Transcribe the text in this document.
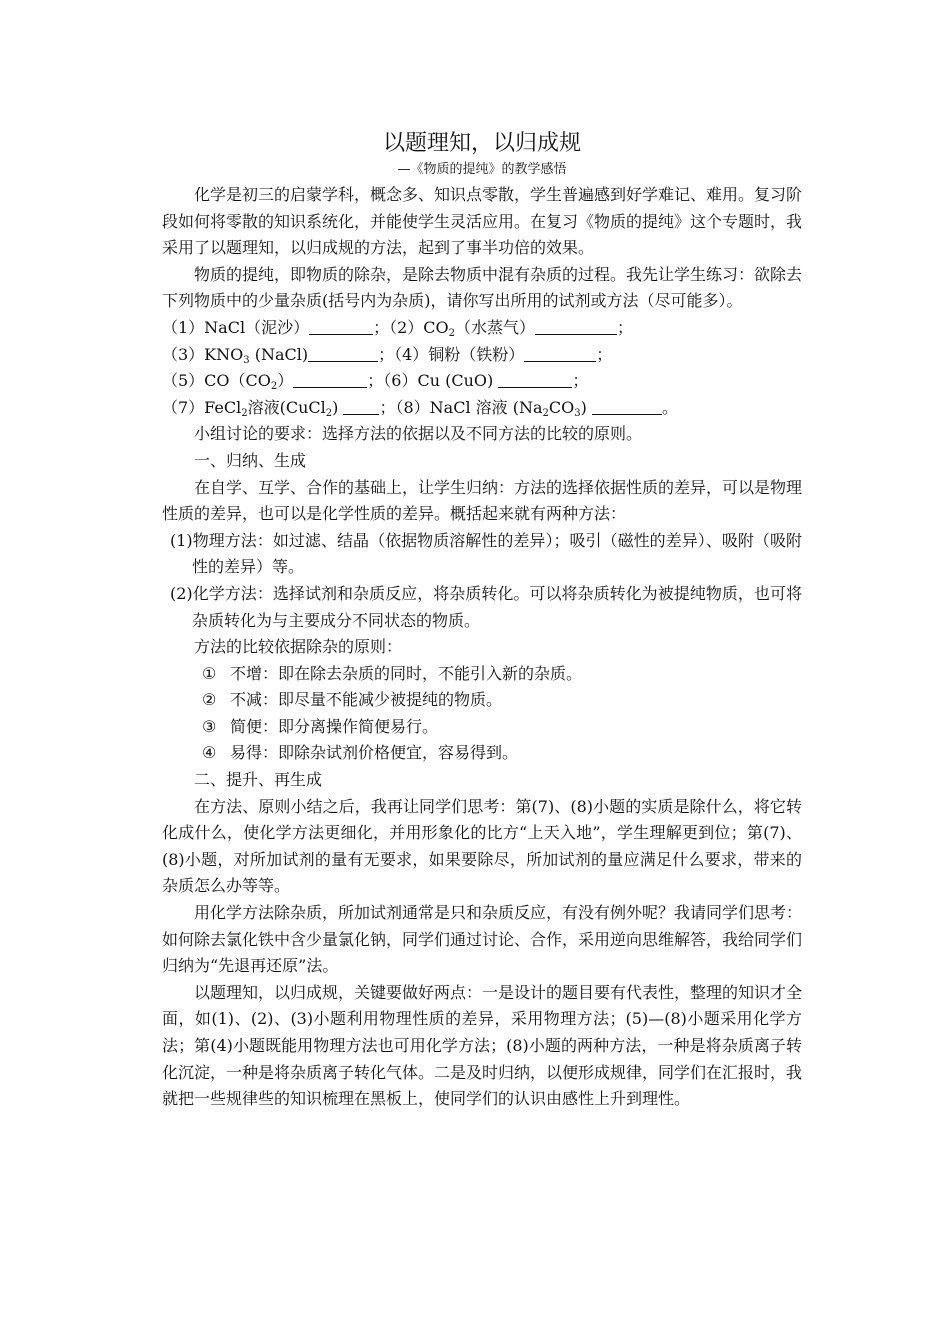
以题理知，以归成规

—《物质的提纯》的教学感悟

化学是初三的启蒙学科，概念多、知识点零散，学生普遍感到好学难记、难用。复习阶段如何将零散的知识系统化，并能使学生灵活应用。在复习《物质的提纯》这个专题时，我采用了以题理知，以归成规的方法，起到了事半功倍的效果。

物质的提纯，即物质的除杂，是除去物质中混有杂质的过程。我先让学生练习：欲除去下列物质中的少量杂质(括号内为杂质)，请你写出所用的试剂或方法（尽可能多）。

（1）NaCl（泥沙）	；$(2)CO_2$（水蒸气）	；

$(3)KNO_3$ (NaCl)	；（4）铜粉（铁粉）	；

$(5)CO(CO_2)$	；（6）Cu (CuO)	；

（7）FeCl$_2$溶液(CuCl$_2$) ；（8）NaCl 溶液 $(Na_2CO_3)$	。

小组讨论的要求：选择方法的依据以及不同方法的比较的原则。

一、归纳、生成

在自学、互学、合作的基础上，让学生归纳：方法的选择依据性质的差异，可以是物理性质的差异，也可以是化学性质的差异。概括起来就有两种方法：

(1)物理方法：如过滤、结晶（依据物质溶解性的差异）；吸引（磁性的差异）、吸附（吸附性的差异）等。

(2)化学方法：选择试剂和杂质反应，将杂质转化。可以将杂质转化为被提纯物质，也可将杂质转化为与主要成分不同状态的物质。

方法的比较依据除杂的原则：

① 不增：即在除去杂质的同时，不能引入新的杂质。

② 不减：即尽量不能减少被提纯的物质。

③ 简便：即分离操作简便易行。

④ 易得：即除杂试剂价格便宜，容易得到。

二、提升、再生成

在方法、原则小结之后，我再让同学们思考：第(7)、(8)小题的实质是除什么，将它转化成什么，使化学方法更细化，并用形象化的比方“上天入地”，学生理解更到位；第(7)、(8)小题，对所加试剂的量有无要求，如果要除尽，所加试剂的量应满足什么要求，带来的杂质怎么办等等。

用化学方法除杂质，所加试剂通常是只和杂质反应，有没有例外呢？我请同学们思考：如何除去氯化铁中含少量氯化钠，同学们通过讨论、合作，采用逆向思维解答，我给同学们归纳为“先退再还原”法。

以题理知，以归成规，关键要做好两点：一是设计的题目要有代表性，整理的知识才全面，如(1)、(2)、(3)小题利用物理性质的差异，采用物理方法；(5)—(8)小题采用化学方法；第(4)小题既能用物理方法也可用化学方法；(8)小题的两种方法，一种是将杂质离子转化沉淀，一种是将杂质离子转化气体。二是及时归纳，以便形成规律，同学们在汇报时，我就把一些规律些的知识梳理在黑板上，使同学们的认识由感性上升到理性。
